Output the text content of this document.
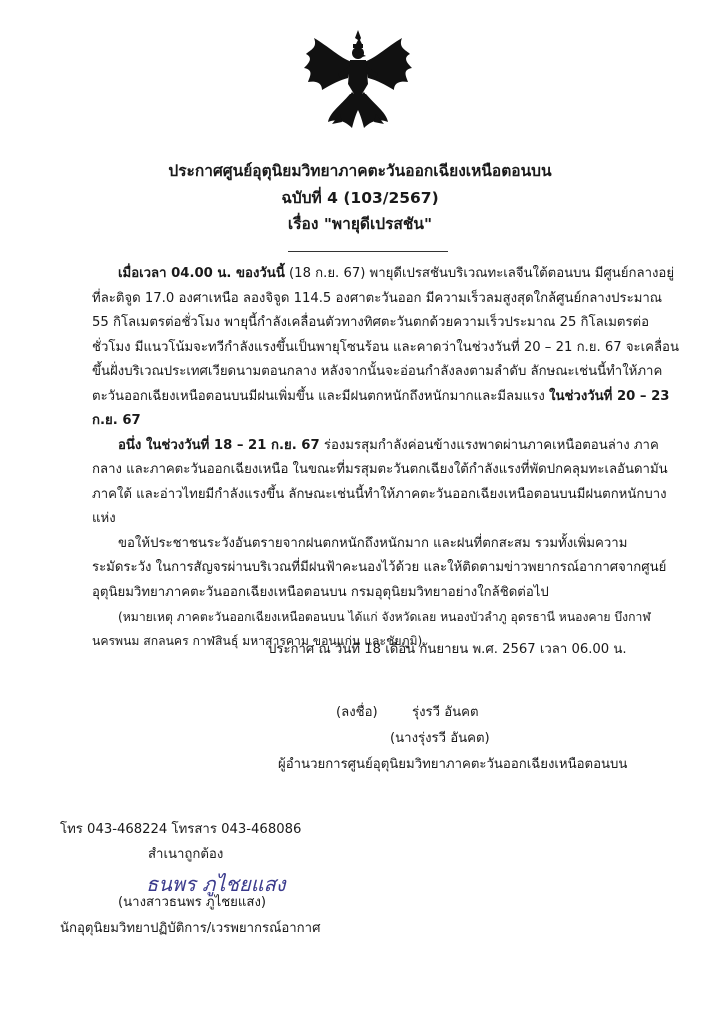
ประกาศศูนย์อุตุนิยมวิทยาภาคตะวันออกเฉียงเหนือตอนบน
ฉบับที่ 4 (103/2567)
เรื่อง "พายุดีเปรสชัน"

เมื่อเวลา 04.00 น. ของวันนี้ (18 ก.ย. 67) พายุดีเปรสชันบริเวณทะเลจีนใต้ตอนบน มีศูนย์กลางอยู่ที่ละติจูด 17.0 องศาเหนือ ลองจิจูด 114.5 องศาตะวันออก มีความเร็วลมสูงสุดใกล้ศูนย์กลางประมาณ 55 กิโลเมตรต่อชั่วโมง พายุนี้กำลังเคลื่อนตัวทางทิศตะวันตกด้วยความเร็วประมาณ 25 กิโลเมตรต่อชั่วโมง มีแนวโน้มจะทวีกำลังแรงขึ้นเป็นพายุโซนร้อน และคาดว่าในช่วงวันที่ 20 – 21 ก.ย. 67 จะเคลื่อนขึ้นฝั่งบริเวณประเทศเวียดนามตอนกลาง หลังจากนั้นจะอ่อนกำลังลงตามลำดับ ลักษณะเช่นนี้ทำให้ภาคตะวันออกเฉียงเหนือตอนบนมีฝนเพิ่มขึ้น และมีฝนตกหนักถึงหนักมากและมีลมแรง ในช่วงวันที่ 20 – 23 ก.ย. 67

อนึ่ง ในช่วงวันที่ 18 – 21 ก.ย. 67 ร่องมรสุมกำลังค่อนข้างแรงพาดผ่านภาคเหนือตอนล่าง ภาคกลาง และภาคตะวันออกเฉียงเหนือ ในขณะที่มรสุมตะวันตกเฉียงใต้กำลังแรงที่พัดปกคลุมทะเลอันดามัน ภาคใต้ และอ่าวไทยมีกำลังแรงขึ้น ลักษณะเช่นนี้ทำให้ภาคตะวันออกเฉียงเหนือตอนบนมีฝนตกหนักบางแห่ง

ขอให้ประชาชนระวังอันตรายจากฝนตกหนักถึงหนักมาก และฝนที่ตกสะสม รวมทั้งเพิ่มความระมัดระวัง ในการสัญจรผ่านบริเวณที่มีฝนฟ้าคะนองไว้ด้วย และให้ติดตามข่าวพยากรณ์อากาศจากศูนย์อุตุนิยมวิทยาภาคตะวันออกเฉียงเหนือตอนบน กรมอุตุนิยมวิทยาอย่างใกล้ชิดต่อไป

(หมายเหตุ ภาคตะวันออกเฉียงเหนือตอนบน ได้แก่ จังหวัดเลย หนองบัวลำภู อุดรธานี หนองคาย บึงกาฬ นครพนม สกลนคร กาฬสินธุ์ มหาสารคาม ขอนแก่น และชัยภูมิ)

ประกาศ ณ วันที่ 18 เดือน กันยายน พ.ศ. 2567 เวลา 06.00 น.
(ลงชื่อ)	รุ่งรวี อันคต
(นางรุ่งรวี อันคต)
ผู้อำนวยการศูนย์อุตุนิยมวิทยาภาคตะวันออกเฉียงเหนือตอนบน
โทร 043-468224 โทรสาร 043-468086
สำเนาถูกต้อง
ธนพร ภูไชยแสง
(นางสาวธนพร ภูไชยแสง)
นักอุตุนิยมวิทยาปฏิบัติการ/เวรพยากรณ์อากาศ
